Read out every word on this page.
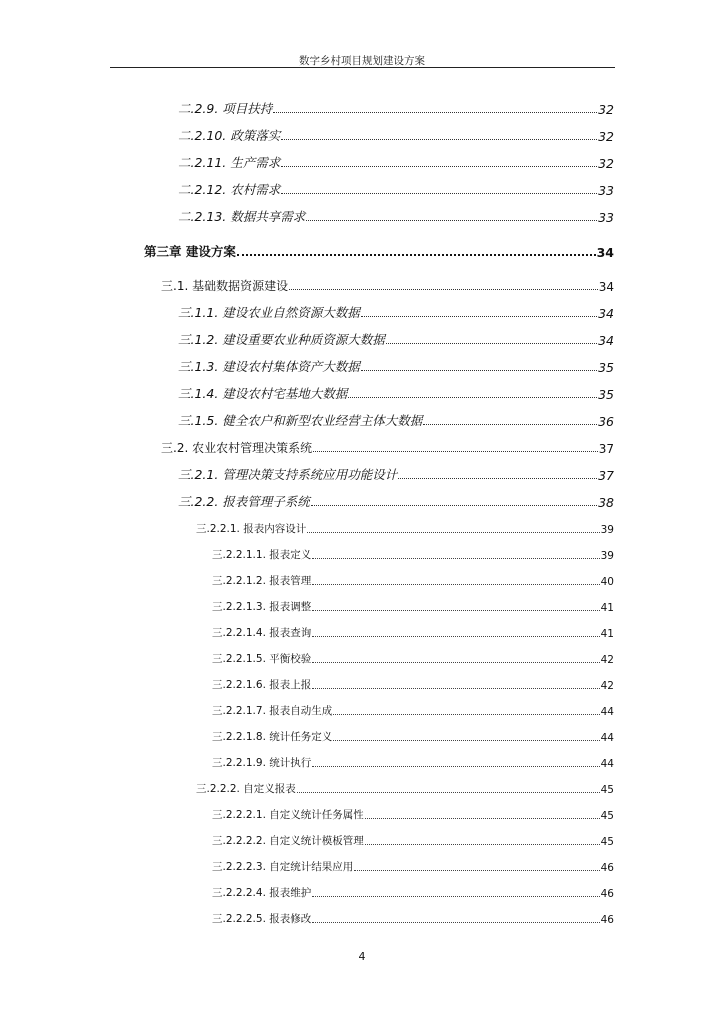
数字乡村项目规划建设方案
二.2.9. 项目扶持	32
二.2.10. 政策落实	32
二.2.11. 生产需求	32
二.2.12. 农村需求	33
二.2.13. 数据共享需求	33
第三章 建设方案	34
三.1. 基础数据资源建设	34
三.1.1. 建设农业自然资源大数据	34
三.1.2. 建设重要农业种质资源大数据	34
三.1.3. 建设农村集体资产大数据	35
三.1.4. 建设农村宅基地大数据	35
三.1.5. 健全农户和新型农业经营主体大数据	36
三.2. 农业农村管理决策系统	37
三.2.1. 管理决策支持系统应用功能设计	37
三.2.2. 报表管理子系统	38
三.2.2.1. 报表内容设计	39
三.2.2.1.1. 报表定义	39
三.2.2.1.2. 报表管理	40
三.2.2.1.3. 报表调整	41
三.2.2.1.4. 报表查询	41
三.2.2.1.5. 平衡校验	42
三.2.2.1.6. 报表上报	42
三.2.2.1.7. 报表自动生成	44
三.2.2.1.8. 统计任务定义	44
三.2.2.1.9. 统计执行	44
三.2.2.2. 自定义报表	45
三.2.2.2.1. 自定义统计任务属性	45
三.2.2.2.2. 自定义统计模板管理	45
三.2.2.2.3. 自定统计结果应用	46
三.2.2.2.4. 报表维护	46
三.2.2.2.5. 报表修改	46
4
